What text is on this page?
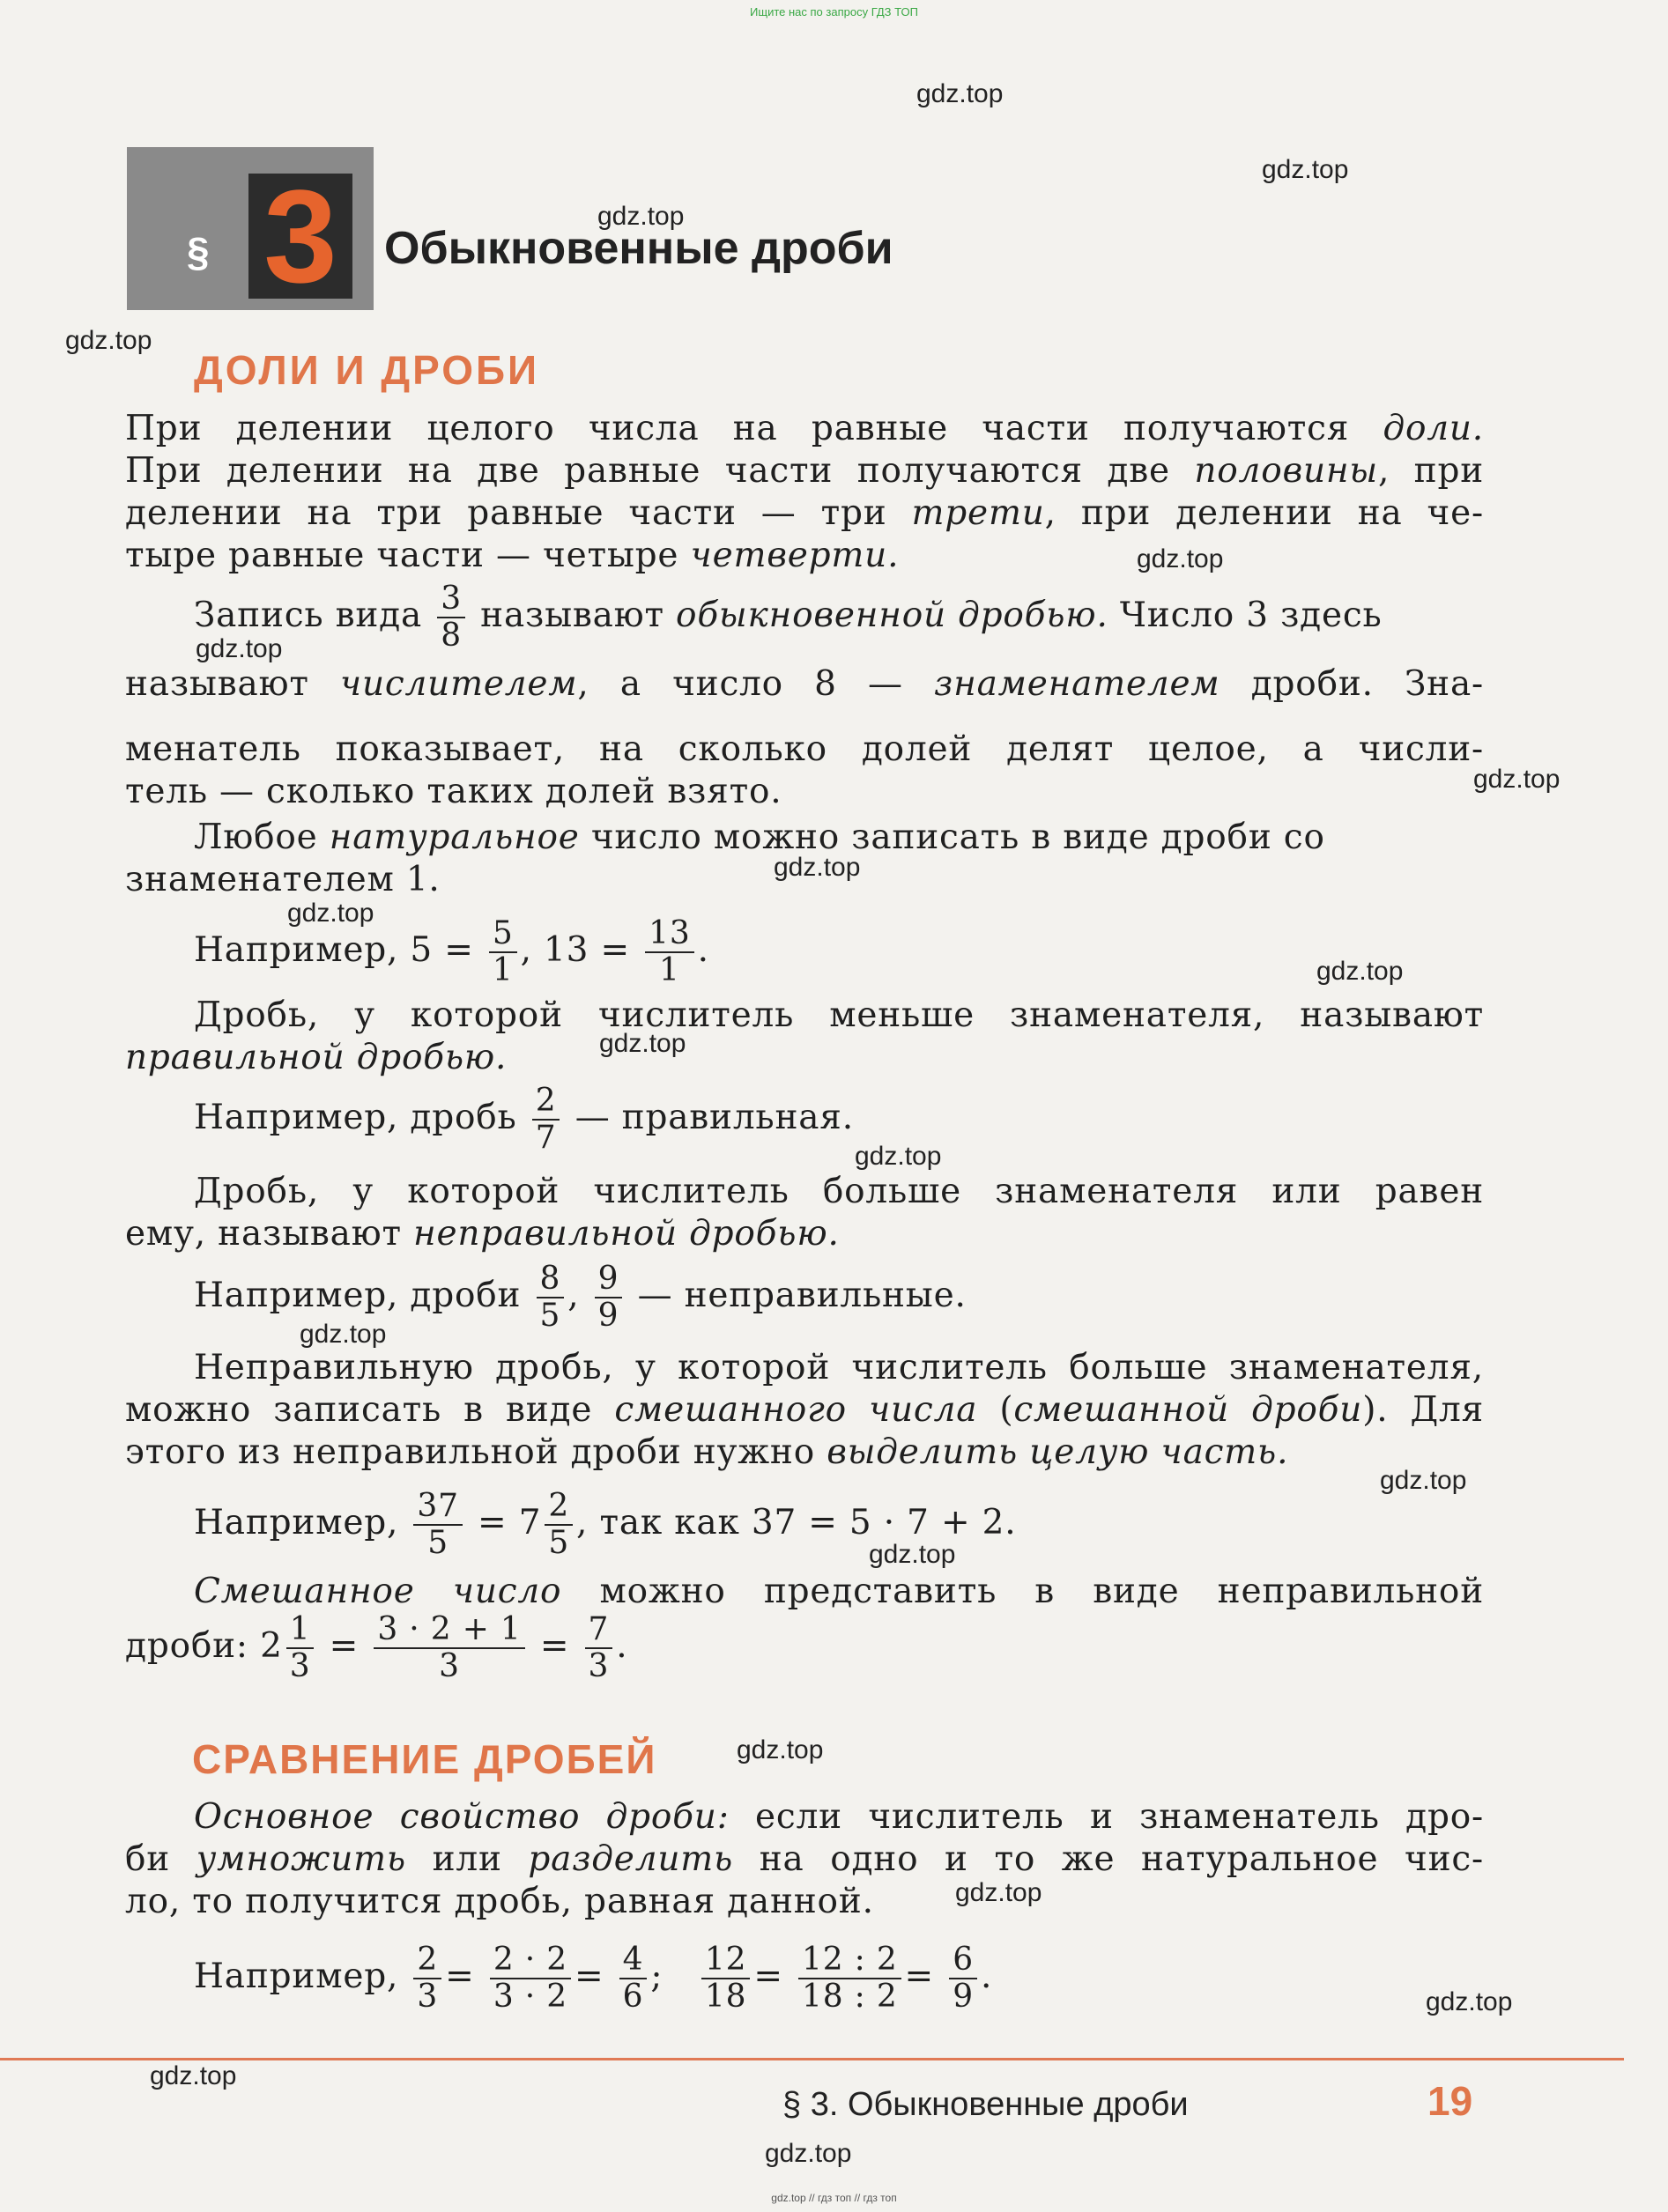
Ищите нас по запросу ГДЗ ТОП
§ 3	Обыкновенные дроби
ДОЛИ И ДРОБИ
При делении целого числа на равные части получаются доли.
При делении на две равные части получаются две половины, при
делении на три равные части — три трети, при делении на че-
тыре равные части — четыре четверти.
Запись вида $\frac{3}{8}$ называют обыкновенной дробью. Число 3 здесь
называют числителем, а число 8 — знаменателем дроби. Зна-
менатель показывает, на сколько долей делят целое, а числи-
тель — сколько таких долей взято.
Любое натуральное число можно записать в виде дроби со
знаменателем 1.
Например, $5 = \frac{5}{1}$ , $13 = \frac{13}{1}$ .
Дробь, у которой числитель меньше знаменателя, называют
правильной дробью.
Например, дробь $\frac{2}{7}$ — правильная.
Дробь, у которой числитель больше знаменателя или равен
ему, называют неправильной дробью.
Например, дроби $\frac{8}{5}$ , $\frac{9}{9}$ — неправильные.
Неправильную дробь, у которой числитель больше знаменателя,
можно записать в виде смешанного числа (смешанной дроби). Для
этого из неправильной дроби нужно выделить целую часть.
Например, $\frac{37}{5} = 7 \frac{2}{5}$ , так как 37 = 5 · 7 + 2.
Смешанное число можно представить в виде неправильной
дроби: $2 \frac{1}{3} = \frac{3 \cdot 2 + 1}{3} = \frac{7}{3}$ .
СРАВНЕНИЕ ДРОБЕЙ
Основное свойство дроби: если числитель и знаменатель дро-
би умножить или разделить на одно и то же натуральное чис-
ло, то получится дробь, равная данной.
Например, $\frac{2}{3} = \frac{2 \cdot 2}{3 \cdot 2} = \frac{4}{6}$ ; $\frac{12}{18} = \frac{12 : 2}{18 : 2} = \frac{6}{9}$ .
§ 3. Обыкновенные дроби	19
gdz.top
gdz.top
gdz.top
gdz.top
gdz.top
gdz.top
gdz.top
gdz.top
gdz.top
gdz.top
gdz.top
gdz.top
gdz.top
gdz.top
gdz.top
gdz.top
gdz.top
gdz.top
gdz.top
gdz.top
gdz.top // гдз топ // гдз топ
